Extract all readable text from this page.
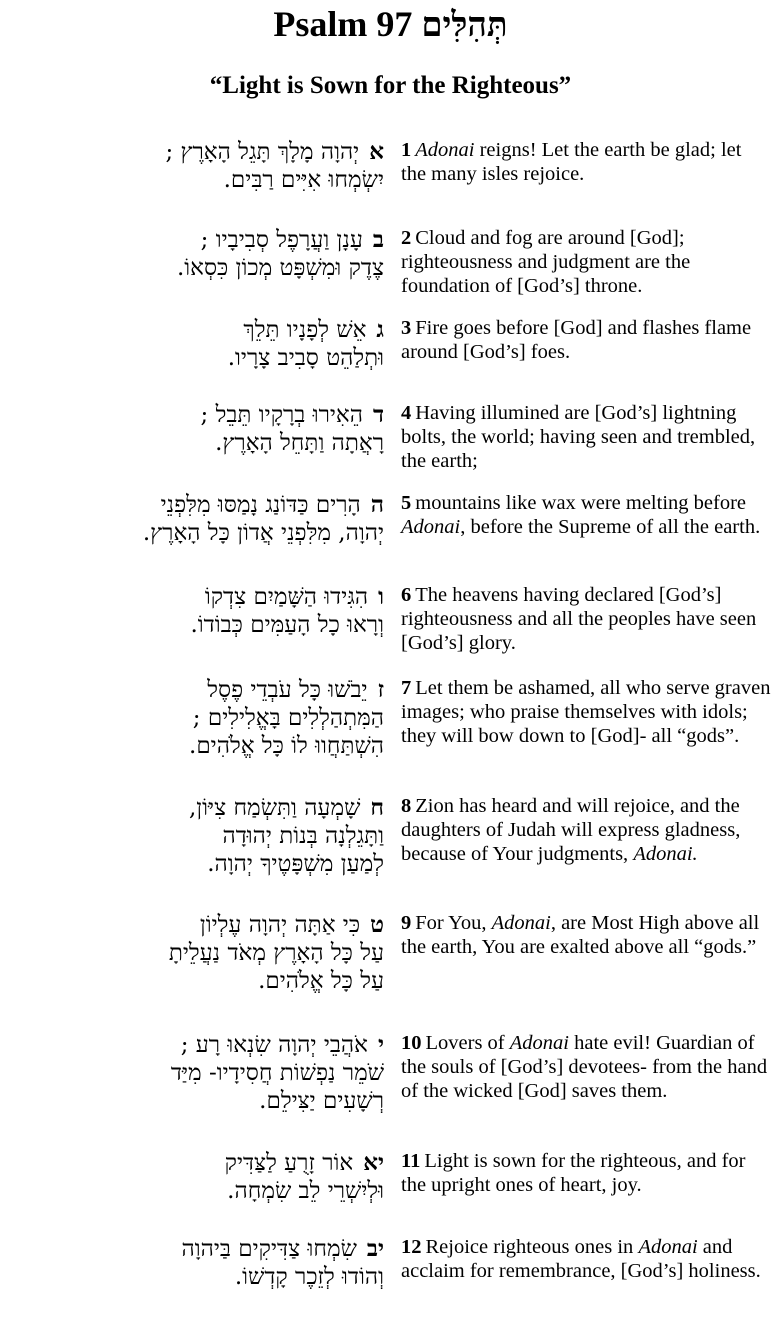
Psalm 97 תְּהִלִּים
“Light is Sown for the Righteous”
איְהוָה מָלָךְ תָּגֵל הָאָרֶץ ;
יִשְׂמְחוּ אִיִּים רַבִּים.
1 Adonai reigns! Let the earth be glad; let the many isles rejoice.
בעָנָן וַעֲרָפֶל סְבִיבָיו ;
צֶדֶק וּמִשְׁפָּט מְכוֹן כִּסְאוֹ.
2 Cloud and fog are around [God]; righteousness and judgment are the foundation of [God’s] throne.
גאֵשׁ לְפָנָיו תֵּלֵךְ
וּתְלַהֵט סָבִיב צָרָיו.
3 Fire goes before [God] and flashes flame around [God’s] foes.
דהֵאִירוּ בְרָקָיו תֵּבֵל ;
רָאֲתָה וַתָּחֵל הָאָרֶץ.
4 Having illumined are [God’s] lightning bolts, the world; having seen and trembled, the earth;
ההָרִים כַּדּוֹנַג נָמַסּוּ מִלִּפְנֵי
יְהוָה, מִלִּפְנֵי אֲדוֹן כָּל הָאָרֶץ.
5 mountains like wax were melting before Adonai, before the Supreme of all the earth.
והִגִּידוּ הַשָּׁמַיִם צִדְקוֹ
וְרָאוּ כָל הָעַמִּים כְּבוֹדוֹ.
6 The heavens having declared [God’s] righteousness and all the peoples have seen [God’s] glory.
זיֵבֹשׁוּ כָּל עֹבְדֵי פֶסֶל
הַמִּתְהַלְלִים בָּאֱלִילִים ;
הִשְׁתַּחֲווּ לוֹ כָּל אֱלֹהִים.
7 Let them be ashamed, all who serve graven images; who praise themselves with idols; they will bow down to [God]- all “gods”.
חשָׁמְעָה וַתִּשְׂמַח צִיּוֹן,
וַתָּגֵלְנָה בְּנוֹת יְהוּדָה
לְמַעַן מִשְׁפָּטֶיךָ יְהוָה.
8 Zion has heard and will rejoice, and the daughters of Judah will express gladness, because of Your judgments, Adonai.
טכִּי אַתָּה יְהוָה עֶלְיוֹן
עַל כָּל הָאָרֶץ מְאֹד נַעֲלֵיתָ
עַל כָּל אֱלֹהִים.
9 For You, Adonai, are Most High above all the earth, You are exalted above all “gods.”
יאֹהֲבֵי יְהוָה שִׂנְאוּ רָע ;
שֹׁמֵר נַפְשׁוֹת חֲסִידָיו- מִיַּד
רְשָׁעִים יַצִּילֵם.
10 Lovers of Adonai hate evil! Guardian of the souls of [God’s] devotees- from the hand of the wicked [God] saves them.
יאאוֹר זָרֻעַ לַצַּדִּיק
וּלְיִשְׁרֵי לֵב שִׂמְחָה.
11 Light is sown for the righteous, and for the upright ones of heart, joy.
יבשִׂמְחוּ צַדִּיקִים בַּיהוָה
וְהוֹדוּ לְזֵכֶר קָדְשׁוֹ.
12 Rejoice righteous ones in Adonai and acclaim for remembrance, [God’s] holiness.
